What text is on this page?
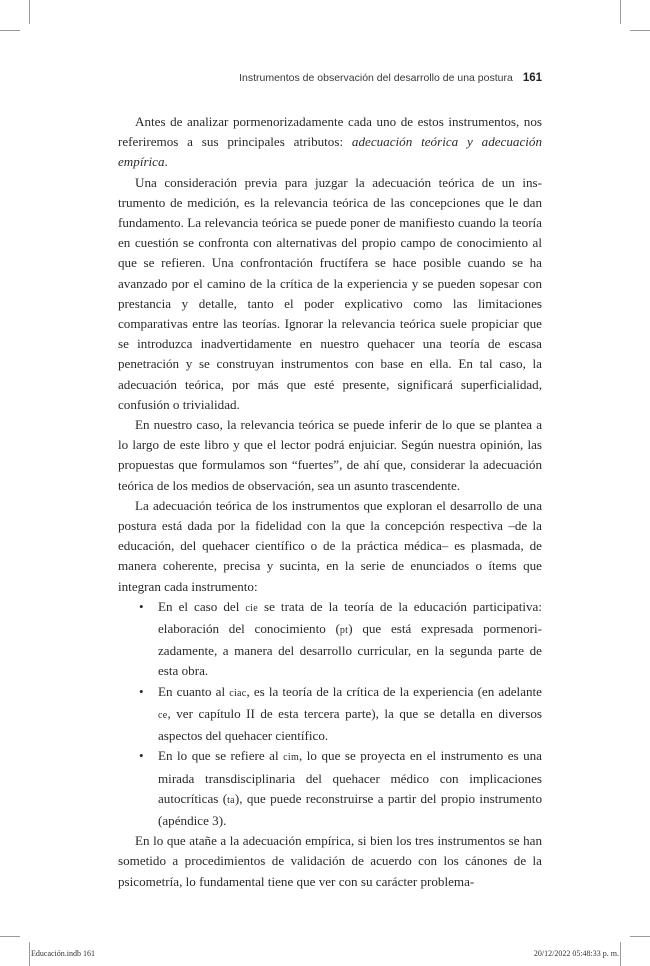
Instrumentos de observación del desarrollo de una postura 161

Antes de analizar pormenorizadamente cada uno de estos instrumentos, nos referiremos a sus principales atributos: adecuación teórica y adecuación empírica.

Una consideración previa para juzgar la adecuación teórica de un instrumento de medición, es la relevancia teórica de las concepciones que le dan fundamento. La relevancia teórica se puede poner de manifiesto cuando la teoría en cuestión se confronta con alternativas del propio campo de conocimiento al que se refieren. Una confrontación fructífera se hace posible cuando se ha avanzado por el camino de la crítica de la experiencia y se pueden sopesar con prestancia y detalle, tanto el poder explicativo como las limitaciones comparativas entre las teorías. Ignorar la relevancia teórica suele propiciar que se introduzca inadvertidamente en nuestro quehacer una teoría de escasa penetración y se construyan instrumentos con base en ella. En tal caso, la adecuación teórica, por más que esté presente, significará superficialidad, confusión o trivialidad.

En nuestro caso, la relevancia teórica se puede inferir de lo que se plantea a lo largo de este libro y que el lector podrá enjuiciar. Según nuestra opinión, las propuestas que formulamos son “fuertes”, de ahí que, considerar la adecuación teórica de los medios de observación, sea un asunto trascendente.

La adecuación teórica de los instrumentos que exploran el desarrollo de una postura está dada por la fidelidad con la que la concepción respectiva –de la educación, del quehacer científico o de la práctica médica– es plasmada, de manera coherente, precisa y sucinta, en la serie de enunciados o ítems que integran cada instrumento:

• En el caso del cie se trata de la teoría de la educación participativa: elaboración del conocimiento (pt) que está expresada pormenorizadamente, a manera del desarrollo curricular, en la segunda parte de esta obra.
• En cuanto al ciac, es la teoría de la crítica de la experiencia (en adelante ce, ver capítulo II de esta tercera parte), la que se detalla en diversos aspectos del quehacer científico.
• En lo que se refiere al cim, lo que se proyecta en el instrumento es una mirada transdisciplinaria del quehacer médico con implicaciones autocríticas (ta), que puede reconstruirse a partir del propio instrumento (apéndice 3).

En lo que atañe a la adecuación empírica, si bien los tres instrumentos se han sometido a procedimientos de validación de acuerdo con los cánones de la psicometría, lo fundamental tiene que ver con su carácter problema-

Educación.indb 161	20/12/2022 05:48:33 p. m.
